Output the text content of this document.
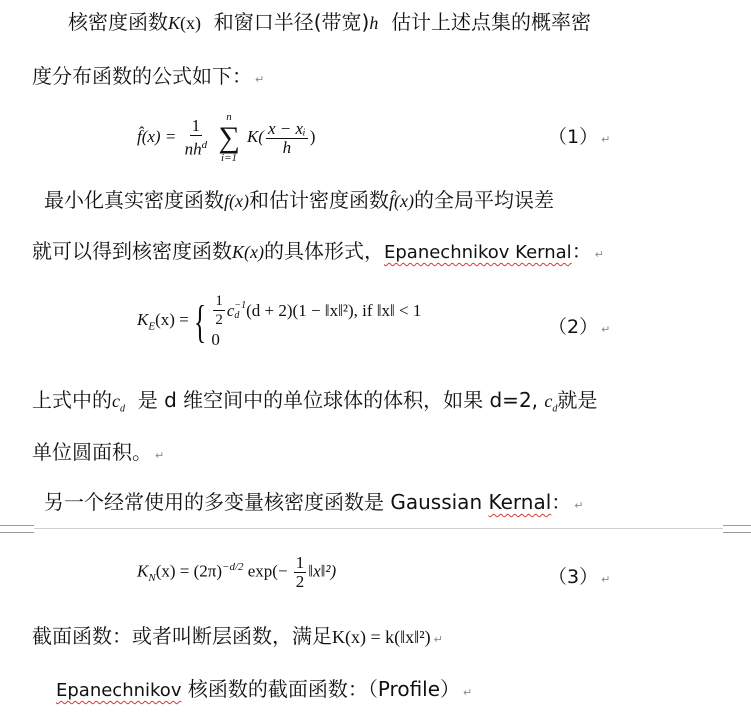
核密度函数K(x) 和窗口半径(带宽)h 估计上述点集的概率密
度分布函数的公式如下： ↵
f̂(x) = $\frac{1}{nh^d}$

n
∑
i=1
$K( \frac{\text{x − xᵢ}}{h}$ )	（1） ↵
最小化真实密度函数f(x)和估计密度函数f̂(x)的全局平均误差
就可以得到核密度函数K(x)的具体形式，Epanechnikov Kernal： ↵
$K_E(x)$ = { $\frac{1}{2}$ c −1
d (d + 2)(1 − ‖x‖²), if ‖x‖ < 1
0
（2） ↵
上式中的$c_d$ 是 d 维空间中的单位球体的体积，如果 d=2, $c_d$就是
单位圆面积。 ↵
另一个经常使用的多变量核密度函数是 Gaussian Kernal： ↵
$K_N(x) = (2\pi)^{-d/2}$ $\exp(- \frac{1}{2}$ ‖x‖²)	（3） ↵
截面函数：或者叫断层函数，满足K(x) = k(‖x‖²) ↵
Epanechnikov 核函数的截面函数：（Profile） ↵
